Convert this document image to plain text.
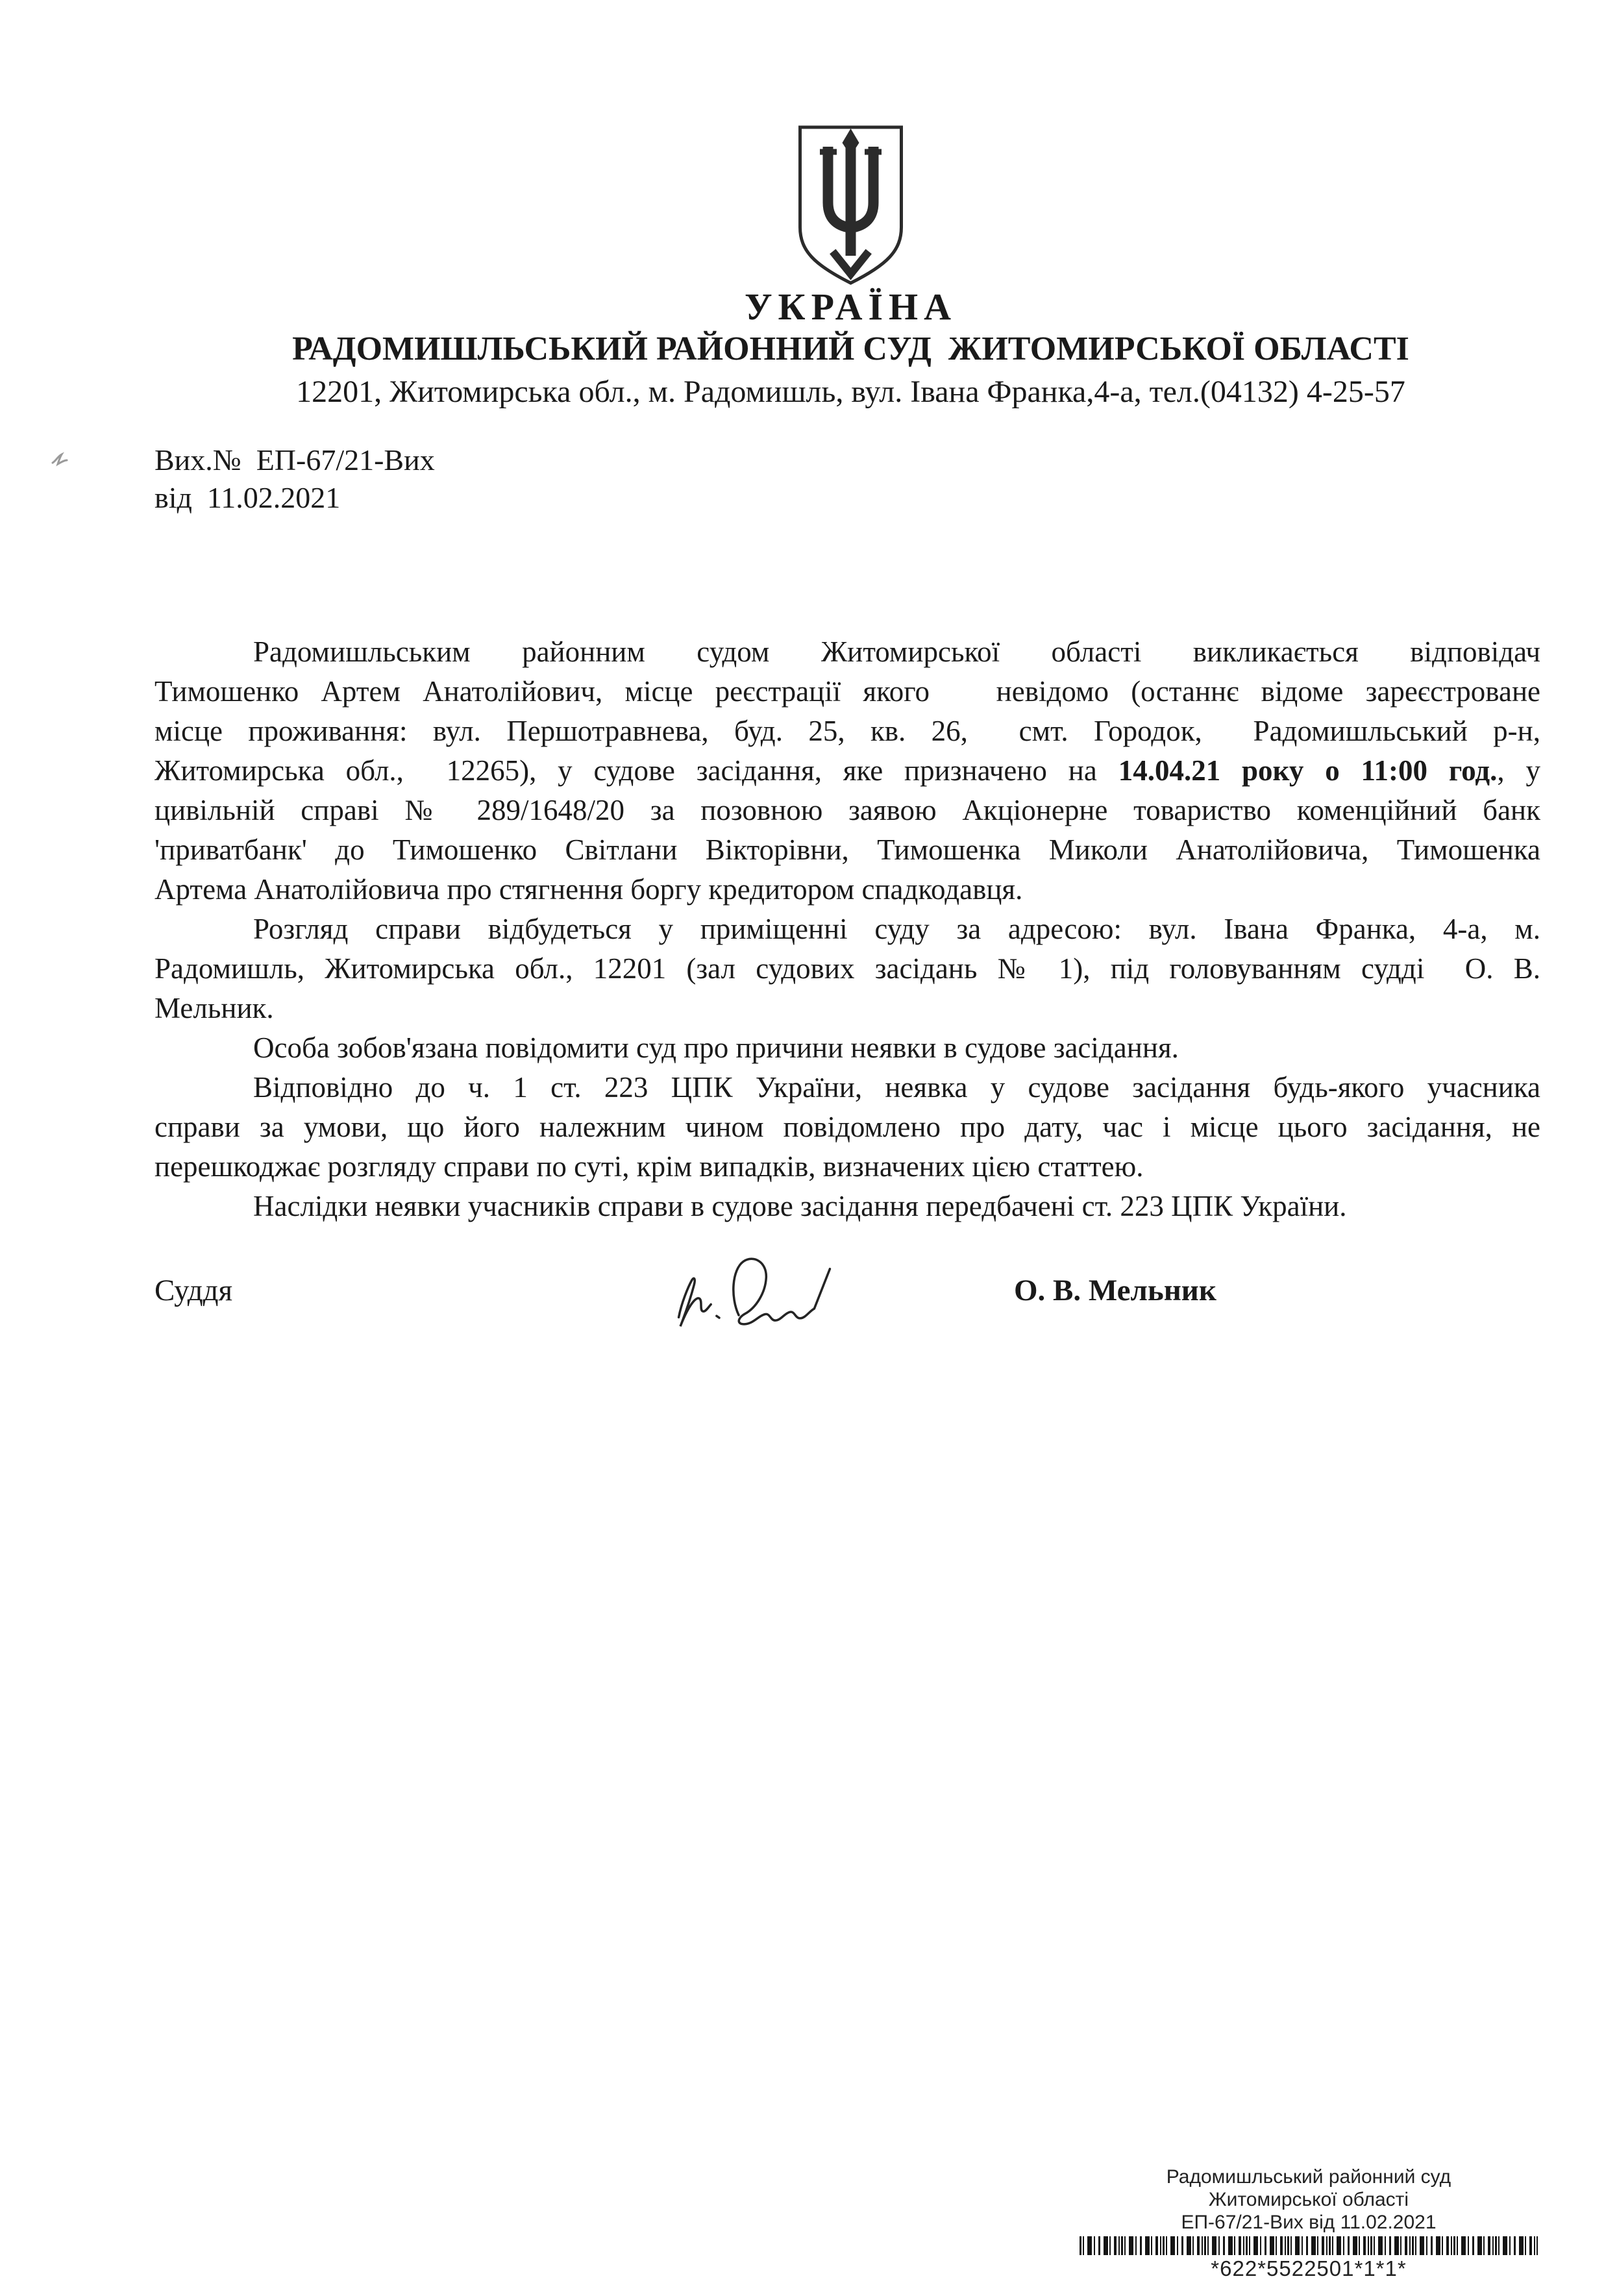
УКРАЇНА
РАДОМИШЛЬСЬКИЙ РАЙОННИЙ СУД  ЖИТОМИРСЬКОЇ ОБЛАСТІ
12201, Житомирська обл., м. Радомишль, вул. Івана Франка,4-а, тел.(04132) 4-25-57
Вих.№  ЕП-67/21-Вих
від  11.02.2021
Радомишльським районним судом Житомирської області викликається відповідач
Тимошенко Артем Анатолійович, місце реєстрації якого   невідомо (останнє відоме зареєстроване
місце проживання: вул. Першотравнева, буд. 25, кв. 26,  смт. Городок,  Радомишльський р-н,
Житомирська обл.,  12265), у судове засідання, яке призначено на 14.04.21 року о 11:00 год., у
цивільній справі № 289/1648/20 за позовною заявою Акціонерне товариство коменційний банк
'приватбанк' до Тимошенко Світлани Вікторівни, Тимошенка Миколи Анатолійовича, Тимошенка
Артема Анатолійовича про стягнення боргу кредитором спадкодавця.
Розгляд справи відбудеться у приміщенні суду за адресою: вул. Івана Франка, 4-а, м.
Радомишль, Житомирська обл., 12201 (зал судових засідань № 1), під головуванням судді  О. В.
Мельник.
Особа зобов'язана повідомити суд про причини неявки в судове засідання.
Відповідно до ч. 1 ст. 223 ЦПК України, неявка у судове засідання будь-якого учасника
справи за умови, що його належним чином повідомлено про дату, час і місце цього засідання, не
перешкоджає розгляду справи по суті, крім випадків, визначених цією статтею.
Наслідки неявки учасників справи в судове засідання передбачені ст. 223 ЦПК України.
Суддя	О. В. Мельник
Радомишльський районний суд
Житомирської області
ЕП-67/21-Вих від 11.02.2021
*622*5522501*1*1*
